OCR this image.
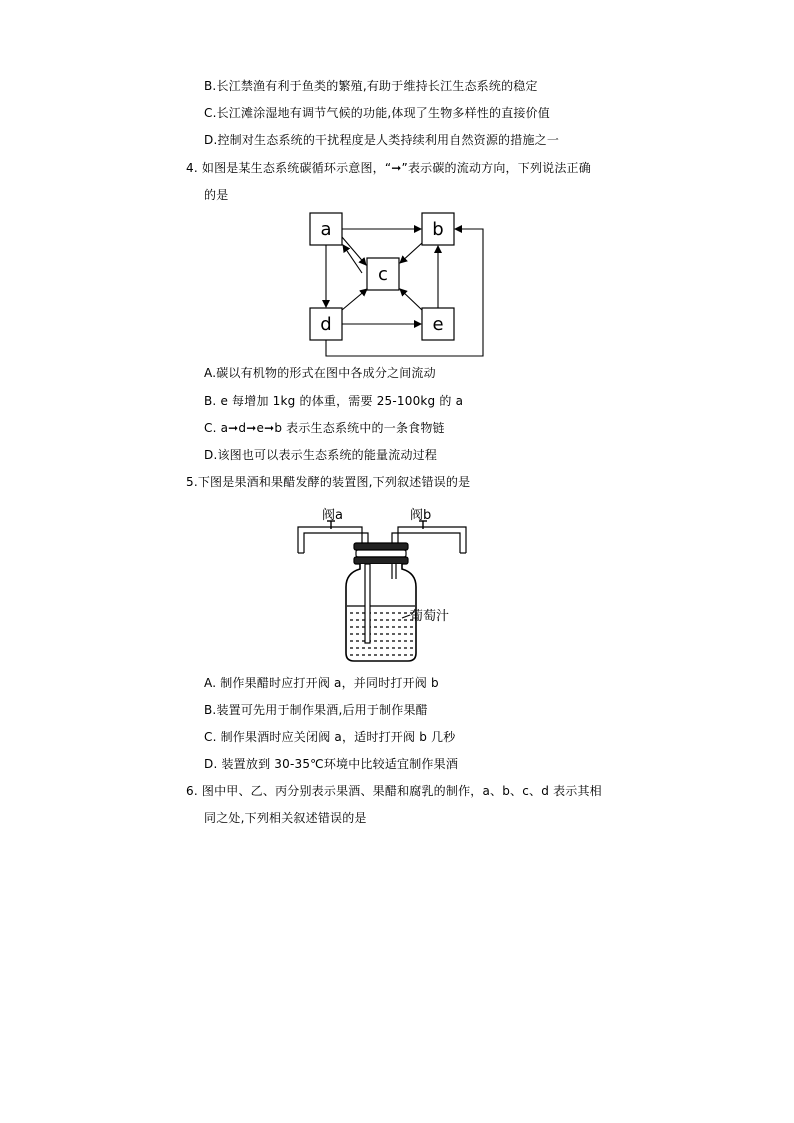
B.长江禁渔有利于鱼类的繁殖,有助于维持长江生态系统的稳定
C.长江滩涂湿地有调节气候的功能,体现了生物多样性的直接价值
D.控制对生态系统的干扰程度是人类持续利用自然资源的措施之一
4. 如图是某生态系统碳循环示意图，“➞”表示碳的流动方向，下列说法正确
的是
a	b
c
d	e
A.碳以有机物的形式在图中各成分之间流动
B. e 每增加 1kg 的体重，需要 25-100kg 的 a
C. a➞d➞e➞b 表示生态系统中的一条食物链
D.该图也可以表示生态系统的能量流动过程
5.下图是果酒和果醋发酵的装置图,下列叙述错误的是
阀a	阀b
葡萄汁
A. 制作果醋时应打开阀 a，并同时打开阀 b
B.装置可先用于制作果酒,后用于制作果醋
C. 制作果酒时应关闭阀 a，适时打开阀 b 几秒
D. 装置放到 30-35℃环境中比较适宜制作果酒
6. 图中甲、乙、丙分别表示果酒、果醋和腐乳的制作，a、b、c、d 表示其相
同之处,下列相关叙述错误的是
